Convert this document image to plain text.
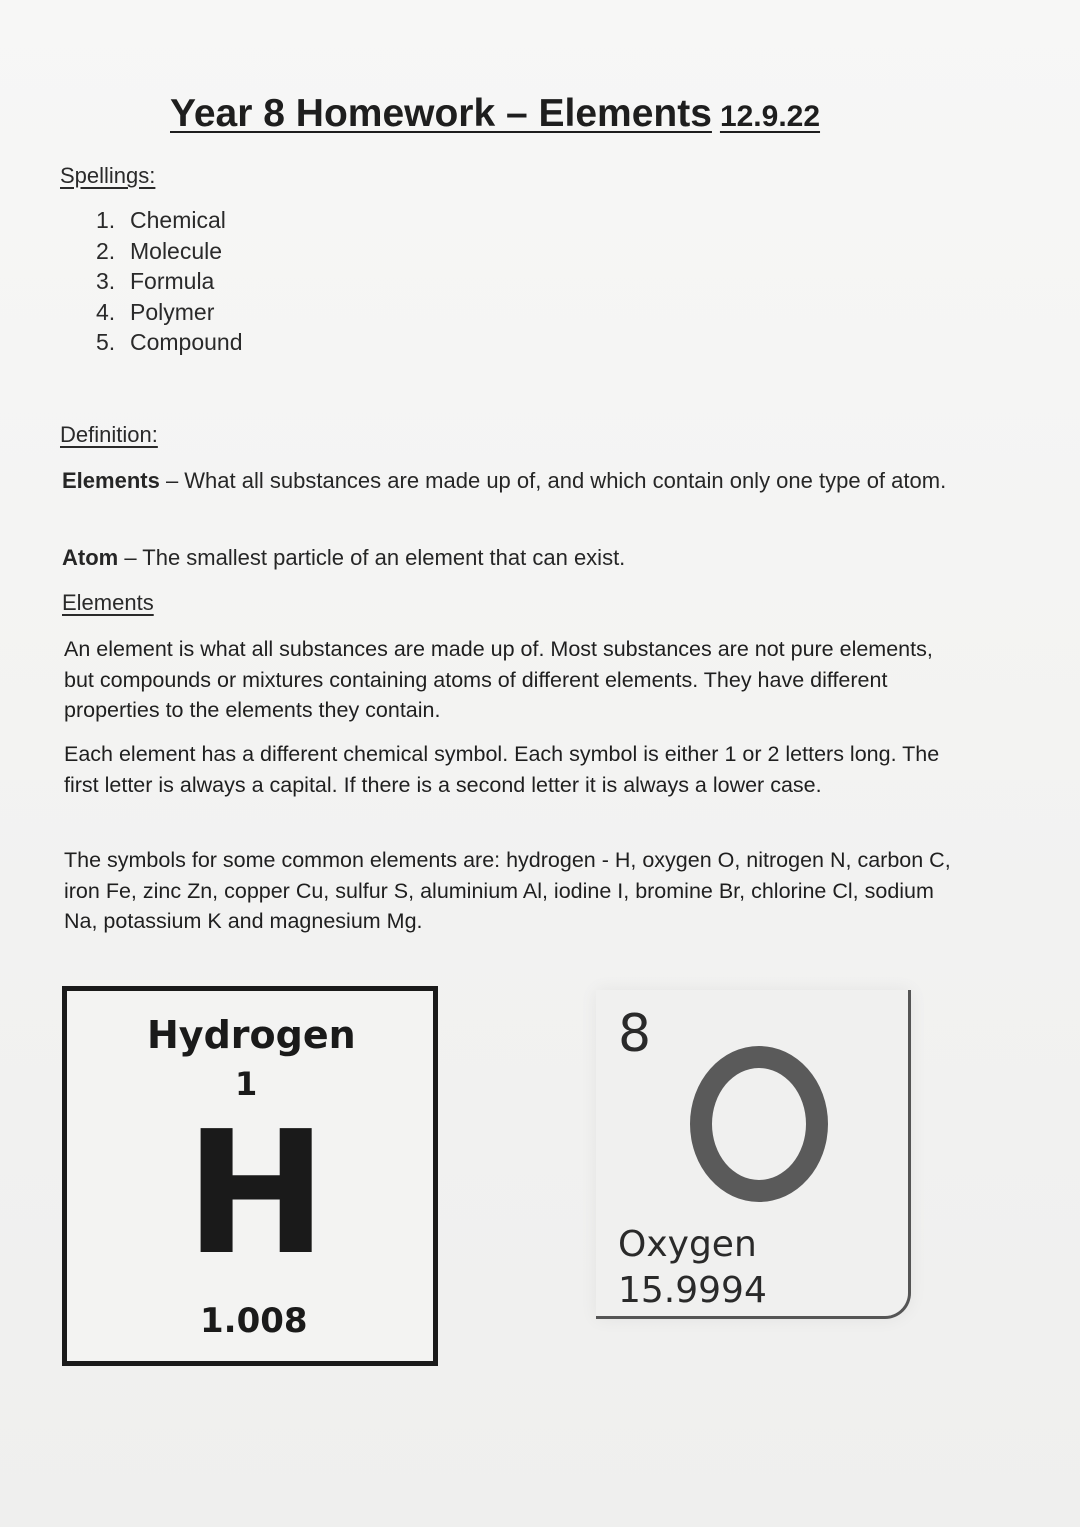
Year 8 Homework – Elements 12.9.22
Spellings:
1. Chemical
2. Molecule
3. Formula
4. Polymer
5. Compound
Definition:
Elements – What all substances are made up of, and which contain only one type of atom.
Atom – The smallest particle of an element that can exist.
Elements
An element is what all substances are made up of. Most substances are not pure elements, but compounds or mixtures containing atoms of different elements. They have different properties to the elements they contain.
Each element has a different chemical symbol. Each symbol is either 1 or 2 letters long. The first letter is always a capital. If there is a second letter it is always a lower case.
The symbols for some common elements are: hydrogen - H, oxygen O, nitrogen N, carbon C, iron Fe, zinc Zn, copper Cu, sulfur S, aluminium Al, iodine I, bromine Br, chlorine Cl, sodium Na, potassium K and magnesium Mg.
Hydrogen
1
H
1.008
8
Oxygen
15.9994
